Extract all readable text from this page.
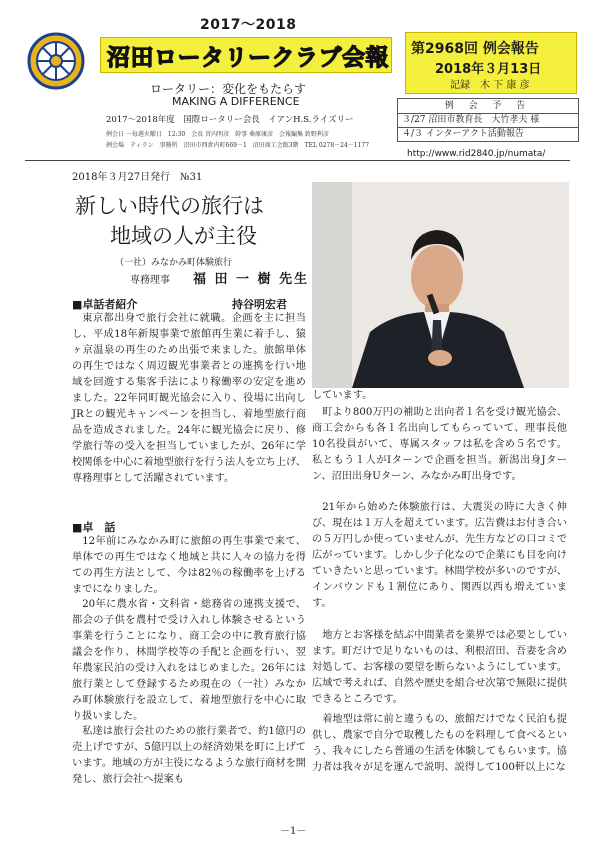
2017～2018
沼田ロータリークラブ会報
ロータリー：変化をもたらす
MAKING A DIFFERENCE
2017～2018年度　国際ロータリー会長　イアンH.S.ライズリー
例会日 一毎週火曜日　12:30　会長 宮内明彦　幹事 桑原康彦　会報編集 鈴野利彦
例会場　ティラン　事務所　沼田市西倉内町669－1　沼田商工会館3階　TEL 0278－24－1177
第2968回 例会報告
2018年３月13日
記録　木 下 康 彦
例 会 予 告
３/27 沼田市教育長　大竹孝夫 様
４/３ インターアクト活動報告
http://www.rid2840.jp/numata/
2018年３月27日発行　№31
新しい時代の旅行は
地域の人が主役
（一社）みなかみ町体験旅行
専務理事 福 田 一 樹 先生
■卓話者紹介	持谷明宏君
東京都出身で旅行会社に就職。企画を主に担当し、平成18年新規事業で旅館再生業に着手し、猿ヶ京温泉の再生のため出張で来ました。旅館単体の再生ではなく周辺観光事業者との連携を行い地域を回遊する集客手法により稼働率の安定を進めました。22年同町観光協会に入り、役場に出向しJRとの観光キャンペーンを担当し、着地型旅行商品を造成されました。24年に観光協会に戻り、修学旅行等の受入を担当していましたが、26年に学校関係を中心に着地型旅行を行う法人を立ち上げ、専務理事として活躍されています。
■卓　話
12年前にみなかみ町に旅館の再生事業で来て、単体での再生ではなく地域と共に人々の協力を得ての再生方法として、今は82％の稼働率を上げるまでになりました。
20年に農水省・文科省・総務省の連携支援で、都会の子供を農村で受け入れし体験させるという事業を行うことになり、商工会の中に教育旅行協議会を作り、林間学校等の手配と企画を行い、翌年農家民泊の受け入れをはじめました。26年には旅行業として登録するため現在の（一社）みなかみ町体験旅行を設立して、着地型旅行を中心に取り扱いました。
私達は旅行会社のための旅行業者で、約1億円の売上げですが、5億円以上の経済効果を町に上げています。地域の方が主役になるような旅行商材を開発し、旅行会社へ提案も
しています。
町より800万円の補助と出向者１名を受け観光協会、商工会からも各１名出向してもらっていて、理事長他10名役員がいて、専属スタッフは私を含め５名です。私ともう１人がIターンで企画を担当。新潟出身Jターン、沼田出身Uターン、みなかみ町出身です。
21年から始めた体験旅行は、大震災の時に大きく伸び、現在は１万人を超えています。広告費はお付き合いの５万円しか使っていませんが、先生方などの口コミで広がっています。しかし少子化なので企業にも目を向けていきたいと思っています。林間学校が多いのですが、インバウンドも１割位にあり、関西以西も増えています。
地方とお客様を結ぶ中間業者を業界では必要としています。町だけで足りないものは、利根沼田、吾妻を含め対処して、お客様の要望を断らないようにしています。広域で考えれば、自然や歴史を組合せ次第で無限に提供できるところです。
着地型は常に前と違うもの、旅館だけでなく民泊も提供し、農家で自分で取穫したものを料理して食べるという、我々にしたら普通の生活を体験してもらいます。協力者は我々が足を運んで説明、説得して100軒以上にな
－1－
